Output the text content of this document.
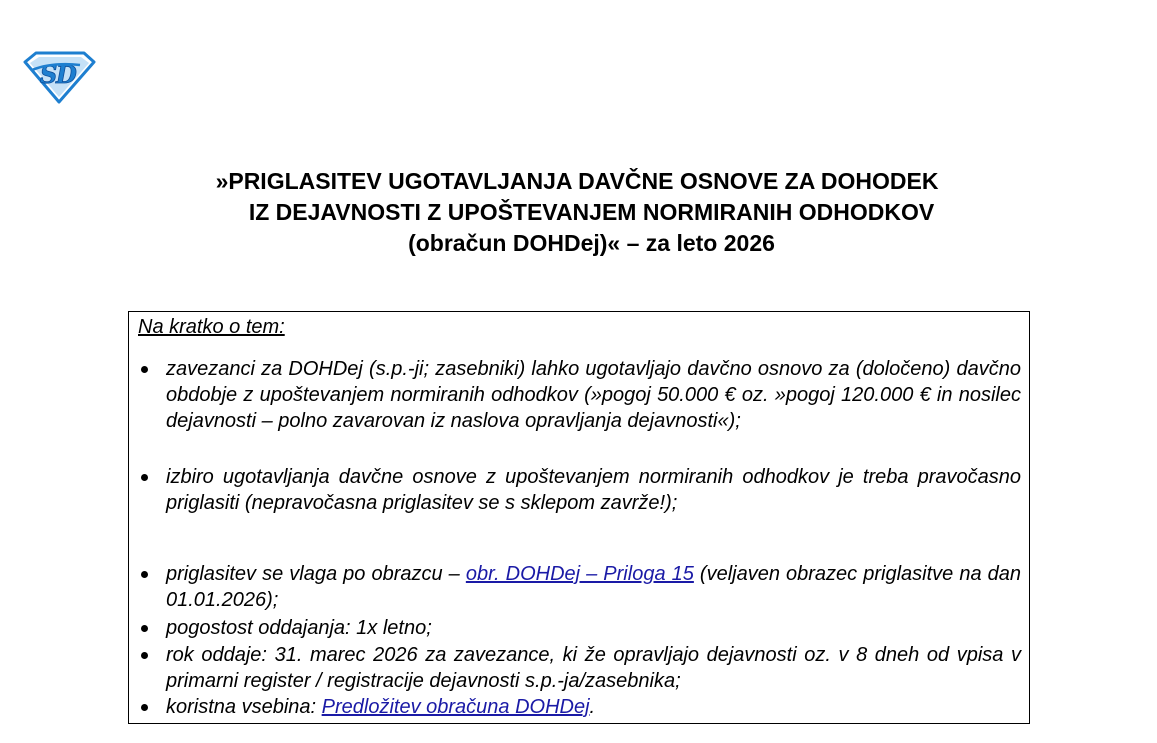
S
D
»PRIGLASITEV UGOTAVLJANJA DAVČNE OSNOVE ZA DOHODEK
IZ DEJAVNOSTI Z UPOŠTEVANJEM NORMIRANIH ODHODKOV
(obračun DOHDej)« – za leto 2026
Na kratko o tem:
zavezanci za DOHDej (s.p.-ji; zasebniki) lahko ugotavljajo davčno osnovo za (določeno) davčno obdobje z upoštevanjem normiranih odhodkov (»pogoj 50.000 € oz. »pogoj 120.000 € in nosilec dejavnosti – polno zavarovan iz naslova opravljanja dejavnosti«);
izbiro ugotavljanja davčne osnove z upoštevanjem normiranih odhodkov je treba pravočasno priglasiti (nepravočasna priglasitev se s sklepom zavrže!);
priglasitev se vlaga po obrazcu – obr. DOHDej – Priloga 15 (veljaven obrazec priglasitve na dan 01.01.2026);
pogostost oddajanja: 1x letno;
rok oddaje: 31. marec 2026 za zavezance, ki že opravljajo dejavnosti oz. v 8 dneh od vpisa v primarni register / registracije dejavnosti s.p.-ja/zasebnika;
koristna vsebina: Predložitev obračuna DOHDej.
